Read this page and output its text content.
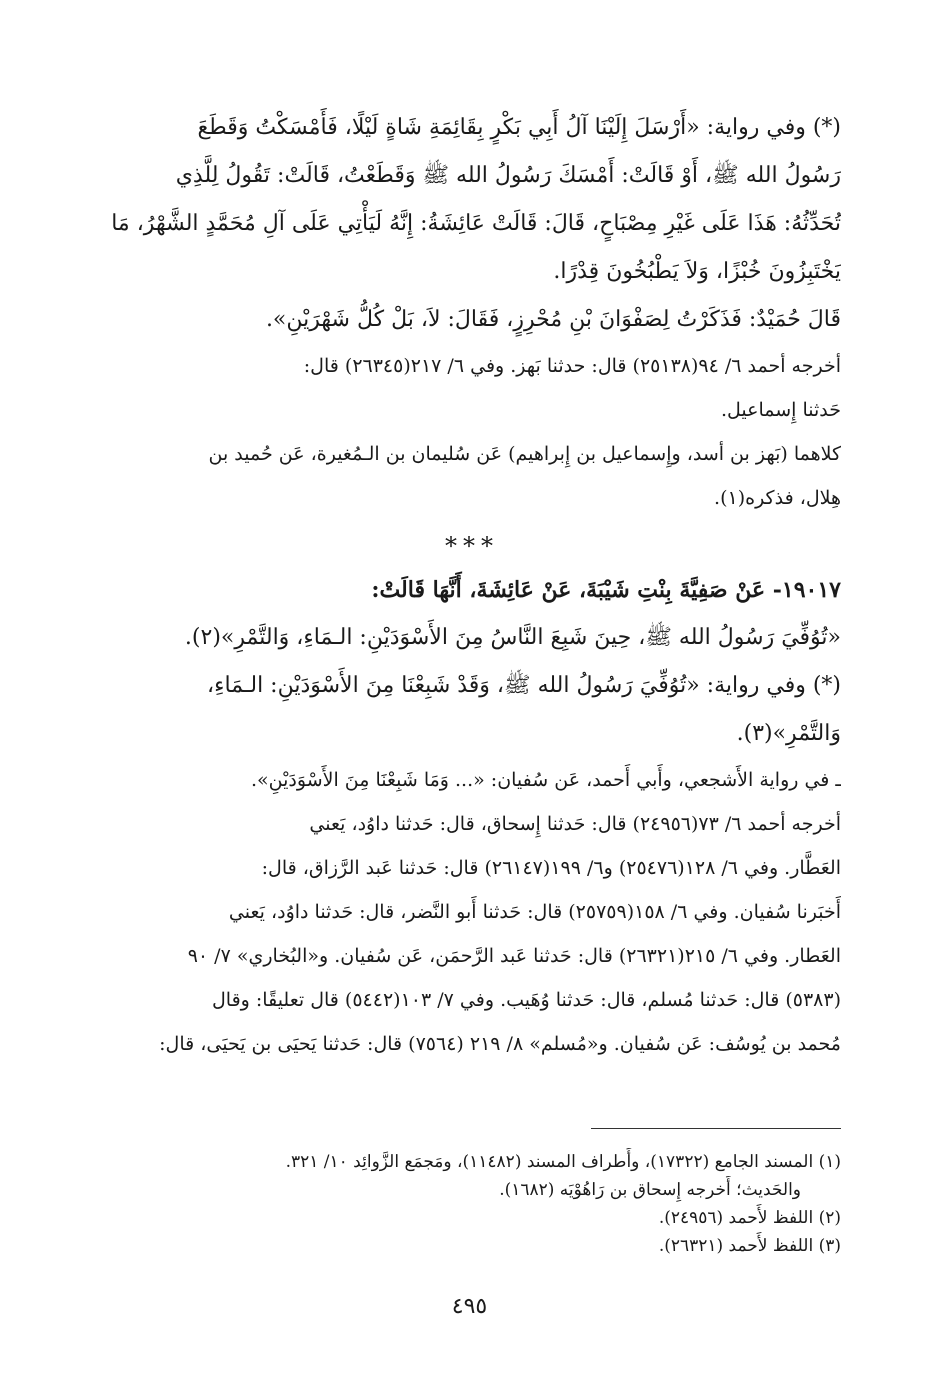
(*) وفي رواية: «أَرْسَلَ إِلَيْنَا آلُ أَبِي بَكْرٍ بِقَائِمَةِ شَاةٍ لَيْلًا، فَأَمْسَكْتُ وَقَطَعَ
رَسُولُ الله ﷺ، أَوْ قَالَتْ: أَمْسَكَ رَسُولُ الله ﷺ وَقَطَعْتُ، قَالَتْ: تَقُولُ لِلَّذِي
تُحَدِّثُهُ: هَذَا عَلَى غَيْرِ مِصْبَاحٍ، قَالَ: قَالَتْ عَائِشَةُ: إِنَّهُ لَيَأْتِي عَلَى آلِ مُحَمَّدٍ الشَّهْرُ، مَا
يَخْتَبِزُونَ خُبْزًا، وَلاَ يَطْبُخُونَ قِدْرًا.
قَالَ حُمَيْدٌ: فَذَكَرْتُ لِصَفْوَانَ بْنِ مُحْرِزٍ، فَقَالَ: لاَ، بَلْ كُلُّ شَهْرَيْنِ».
أخرجه أحمد ٦/ ٩٤(٢٥١٣٨) قال: حدثنا بَهز. وفي ٦/ ٢١٧(٢٦٣٤٥) قال:
حَدثنا إِسماعيل.
كلاهما (بَهز بن أسد، وإِسماعيل بن إِبراهيم) عَن سُليمان بن الـمُغيرة، عَن حُميد بن
هِلال، فذكره(١).
***
١٩٠١٧- عَنْ صَفِيَّةَ بِنْتِ شَيْبَةَ، عَنْ عَائِشَةَ، أَنَّهَا قَالَتْ:
«تُوُفِّيَ رَسُولُ الله ﷺ، حِينَ شَبِعَ النَّاسُ مِنَ الأَسْوَدَيْنِ: الـمَاءِ، وَالتَّمْرِ»(٢).
(*) وفي رواية: «تُوُفِّيَ رَسُولُ الله ﷺ، وَقَدْ شَبِعْنَا مِنَ الأَسْوَدَيْنِ: الـمَاءِ،
وَالتَّمْرِ»(٣).
ـ في رواية الأَشجعي، وأَبي أَحمد، عَن سُفيان: «... وَمَا شَبِعْنَا مِنَ الأَسْوَدَيْنِ».
أخرجه أحمد ٦/ ٧٣(٢٤٩٥٦) قال: حَدثنا إِسحاق، قال: حَدثنا داوُد، يَعني
العَطَّار. وفي ٦/ ١٢٨(٢٥٤٧٦) و٦/ ١٩٩(٢٦١٤٧) قال: حَدثنا عَبد الرَّزاق، قال:
أَخبَرنا سُفيان. وفي ٦/ ١٥٨(٢٥٧٥٩) قال: حَدثنا أَبو النَّضر، قال: حَدثنا داوُد، يَعني
العَطار. وفي ٦/ ٢١٥(٢٦٣٢١) قال: حَدثنا عَبد الرَّحمَن، عَن سُفيان. و«البُخاري» ٧/ ٩٠
(٥٣٨٣) قال: حَدثنا مُسلم، قال: حَدثنا وُهَيب. وفي ٧/ ١٠٣(٥٤٤٢) قال تعليقًا: وقال
مُحمد بن يُوسُف: عَن سُفيان. و«مُسلم» ٨/ ٢١٩ (٧٥٦٤) قال: حَدثنا يَحيَى بن يَحيَى، قال:
(١) المسند الجامع (١٧٣٢٢)، وأَطراف المسند (١١٤٨٢)، ومَجمَع الزَّوائِد ١٠/ ٣٢١.
والحَديث؛ أَخرجه إِسحاق بن رَاهُوْيَه (١٦٨٢).
(٢) اللفظ لأَحمد (٢٤٩٥٦).
(٣) اللفظ لأَحمد (٢٦٣٢١).
٤٩٥
